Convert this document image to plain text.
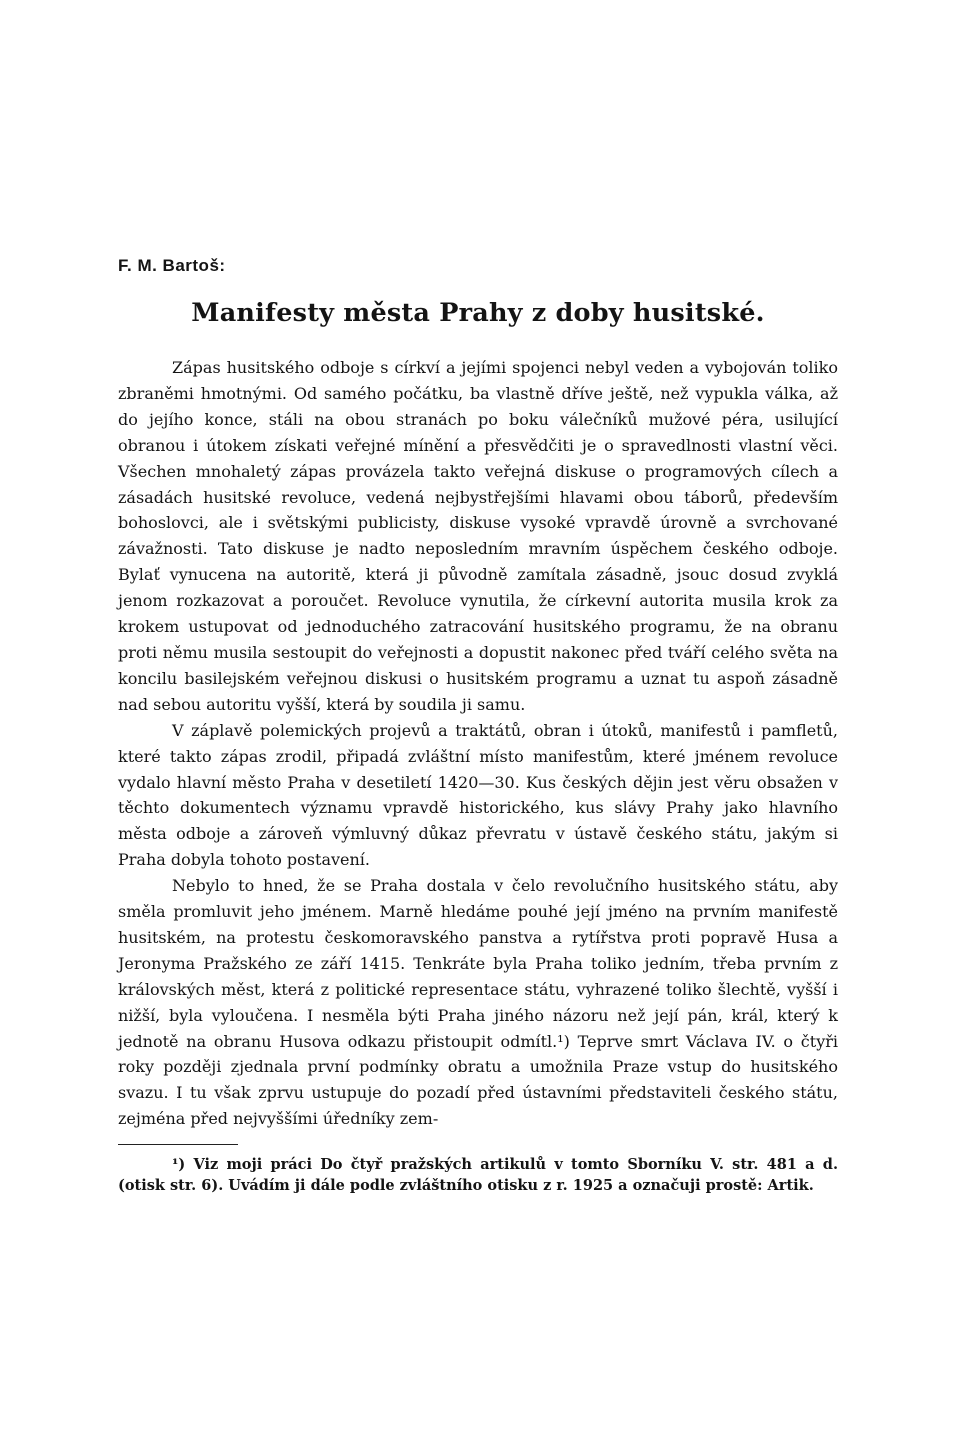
F. M. Bartoš:

Manifesty města Prahy z doby husitské.

Zápas husitského odboje s církví a jejími spojenci nebyl veden a vybojován toliko zbraněmi hmotnými. Od samého počátku, ba vlastně dříve ještě, než vypukla válka, až do jejího konce, stáli na obou stranách po boku válečníků mužové péra, usilující obranou i útokem získati veřejné mínění a přesvědčiti je o spravedlnosti vlastní věci. Všechen mnohaletý zápas provázela takto veřejná diskuse o programových cílech a zásadách husitské revoluce, vedená nejbystřejšími hlavami obou táborů, především bohoslovci, ale i světskými publicisty, diskuse vysoké vpravdě úrovně a svrchované závažnosti. Tato diskuse je nadto neposledním mravním úspěchem českého odboje. Bylať vynucena na autoritě, která ji původně zamítala zásadně, jsouc dosud zvyklá jenom rozkazovat a poroučet. Revoluce vynutila, že církevní autorita musila krok za krokem ustupovat od jednoduchého zatracování husitského programu, že na obranu proti němu musila sestoupit do veřejnosti a dopustit nakonec před tváří celého světa na koncilu basilejském veřejnou diskusi o husitském programu a uznat tu aspoň zásadně nad sebou autoritu vyšší, která by soudila ji samu.

V záplavě polemických projevů a traktátů, obran i útoků, manifestů i pamfletů, které takto zápas zrodil, připadá zvláštní místo manifestům, které jménem revoluce vydalo hlavní město Praha v desetiletí 1420—30. Kus českých dějin jest věru obsažen v těchto dokumentech významu vpravdě historického, kus slávy Prahy jako hlavního města odboje a zároveň výmluvný důkaz převratu v ústavě českého státu, jakým si Praha dobyla tohoto postavení.

Nebylo to hned, že se Praha dostala v čelo revolučního husitského státu, aby směla promluvit jeho jménem. Marně hledáme pouhé její jméno na prvním manifestě husitském, na protestu českomoravského panstva a rytířstva proti popravě Husa a Jeronyma Pražského ze září 1415. Tenkráte byla Praha toliko jedním, třeba prvním z královských měst, která z politické representace státu, vyhrazené toliko šlechtě, vyšší i nižší, byla vyloučena. I nesměla býti Praha jiného názoru než její pán, král, který k jednotě na obranu Husova odkazu přistoupit odmítl.¹) Teprve smrt Václava IV. o čtyři roky později zjednala první podmínky obratu a umožnila Praze vstup do husitského svazu. I tu však zprvu ustupuje do pozadí před ústavními představiteli českého státu, zejména před nejvyššími úředníky zem-

¹) Viz moji práci Do čtyř pražských artikulů v tomto Sborníku V. str. 481 a d. (otisk str. 6). Uvádím ji dále podle zvláštního otisku z r. 1925 a označuji prostě: Artik.
